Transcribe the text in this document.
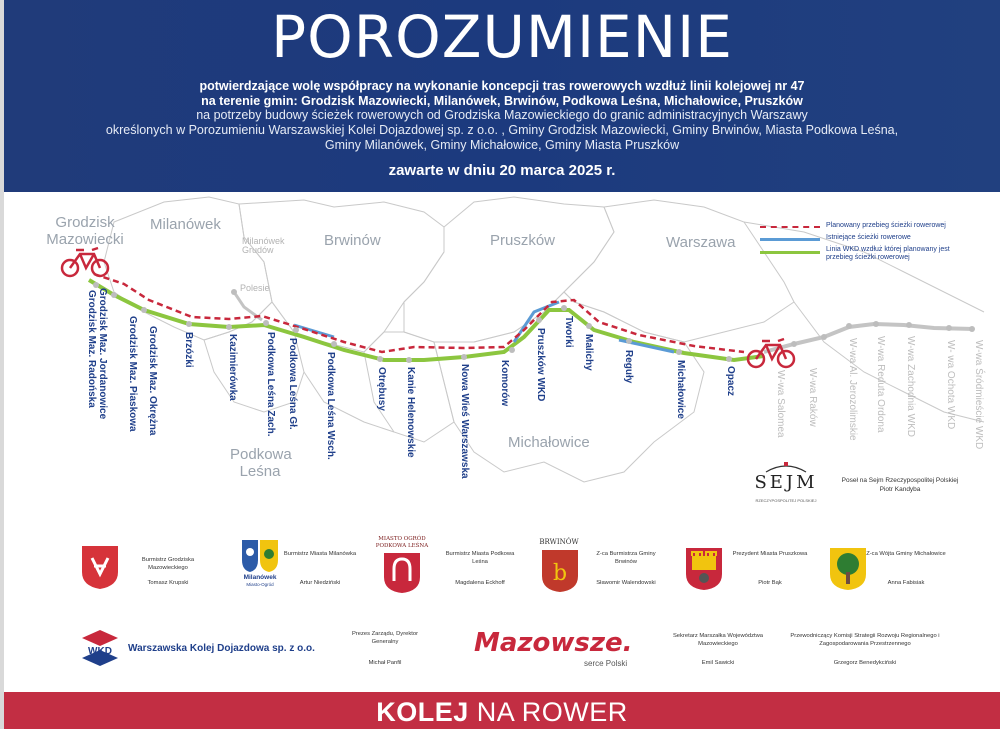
POROZUMIENIE
potwierdzające wolę współpracy na wykonanie koncepcji tras rowerowych wzdłuż linii kolejowej nr 47
na terenie gmin: Grodzisk Mazowiecki, Milanówek, Brwinów, Podkowa Leśna, Michałowice, Pruszków
na potrzeby budowy ścieżek rowerowych od Grodziska Mazowieckiego do granic administracyjnych Warszawy
określonych w Porozumieniu Warszawskiej Kolei Dojazdowej sp. z o.o. , Gminy Grodzisk Mazowiecki, Gminy Brwinów, Miasta Podkowa Leśna,
Gminy Milanówek, Gminy Michałowice, Gminy Miasta Pruszków
zawarte w dniu 20 marca 2025 r.
Grodzisk Mazowiecki
Milanówek
Brwinów	Pruszków	Warszawa
Podkowa Leśna
Michałowice
Milanówek Grudów
Polesie
Grodzisk Maz. Jordanowice
Grodzisk Maz. Radońska	Grodzisk Maz. Piaskowa Grodzisk Maz. Okrężna	Brzózki	Kazimierówka	Podkowa Leśna Zach. Podkowa Leśna Gł.	Podkowa Leśna Wsch.	Otrębusy Kanie Helenowskie	Nowa Wieś Warszawska	Komorów	Pruszków WKD Tworki
Malichy	Reguły	Michałowice	Opacz	W-wa Salomea W-wa Raków	W-wa Al. Jerozolimskie W-wa Reduta Ordona W-wa Zachodnia WKD	W- wa Ochota WKD W-wa Śródmieście WKD
Planowany przebieg ścieżki rowerowej
Istniejące ścieżki rowerowe
Linia WKD wzdłuż której planowany jest przebieg ścieżki rowerowej
SEJM
RZECZYPOSPOLITEJ POLSKIEJ
Poseł na Sejm Rzeczypospolitej Polskiej
Piotr Kandyba
Burmistrz Grodziska Mazowieckiego
Tomasz Krupski
Milanówek
Miasto-Ogród
Burmistrz Miasta Milanówka
Artur Niedziński
MIASTO OGRÓD PODKOWA LEŚNA
Burmistrz Miasta Podkowa Leśna
Magdalena Eckhoff
BRWINÓW
b
Z-ca Burmistrza Gminy Brwinów
Sławomir Walendowski
Prezydent Miasta Pruszkowa
Piotr Bąk
Z-ca Wójta Gminy Michałowice
Anna Fabisiak
WKD Warszawska Kolej Dojazdowa sp. z o.o.
Prezes Zarządu, Dyrektor Generalny
Michał Panfil
Mazowsze.
serce Polski
Sekretarz Marszałka Województwa Mazowieckiego
Emil Sawicki
Przewodniczący Komisji Strategii Rozwoju Regionalnego i Zagospodarowania Przestrzennego
Grzegorz Benedykciński
KOLEJ NA ROWER
